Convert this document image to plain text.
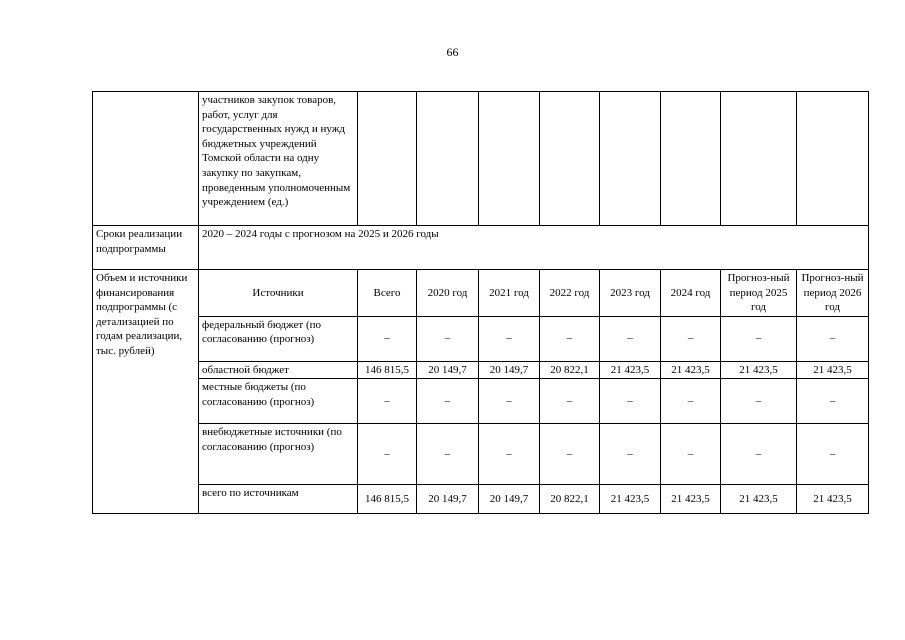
66
	участников закупок товаров, работ, услуг для государственных нужд и нужд бюджетных учреждений Томской области на одну закупку по закупкам, проведенным уполномоченным учреждением (ед.)								
Сроки реализации подпрограммы	2020 – 2024 годы с прогнозом на 2025 и 2026 годы								
Объем и источники финансирования подпрограммы (с детализацией по годам реализации, тыс. рублей)	Источники	Всего	2020 год	2021 год	2022 год	2023 год	2024 год	Прогноз-ный период 2025 год	Прогноз-ный период 2026 год
	федеральный бюджет (по согласованию (прогноз)	–	–	–	–	–	–	–	–
	областной бюджет	146 815,5	20 149,7	20 149,7	20 822,1	21 423,5	21 423,5	21 423,5	21 423,5
	местные бюджеты (по согласованию (прогноз)	–	–	–	–	–	–	–	–
	внебюджетные источники (по согласованию (прогноз)	–	–	–	–	–	–	–	–
	всего по источникам	146 815,5	20 149,7	20 149,7	20 822,1	21 423,5	21 423,5	21 423,5	21 423,5
